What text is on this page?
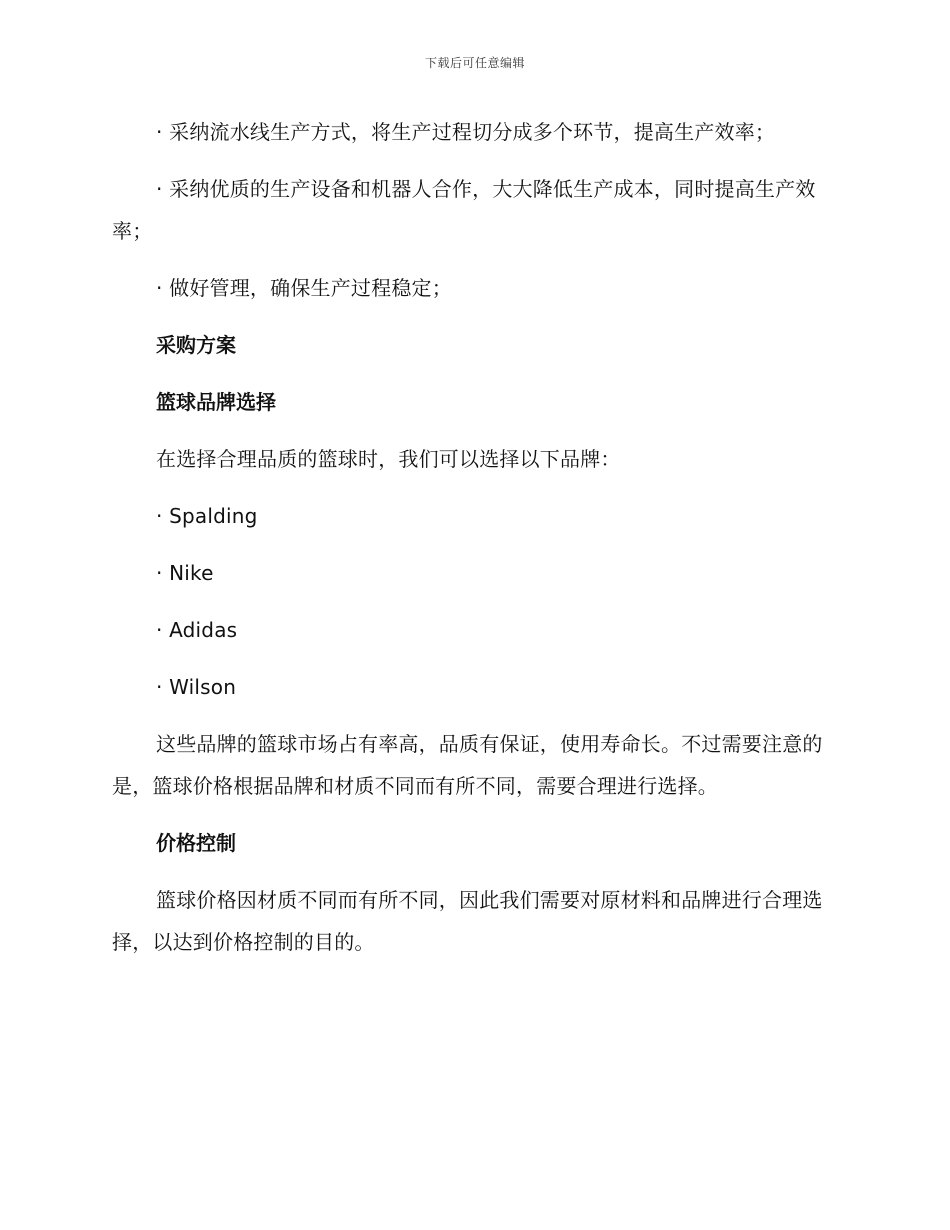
下载后可任意编辑

· 采纳流水线生产方式，将生产过程切分成多个环节，提高生产效率；

· 采纳优质的生产设备和机器人合作，大大降低生产成本，同时提高生产效率；

· 做好管理，确保生产过程稳定；

采购方案

篮球品牌选择

在选择合理品质的篮球时，我们可以选择以下品牌：

· Spalding

· Nike

· Adidas

· Wilson

这些品牌的篮球市场占有率高，品质有保证，使用寿命长。不过需要注意的是，篮球价格根据品牌和材质不同而有所不同，需要合理进行选择。

价格控制

篮球价格因材质不同而有所不同，因此我们需要对原材料和品牌进行合理选择，以达到价格控制的目的。
